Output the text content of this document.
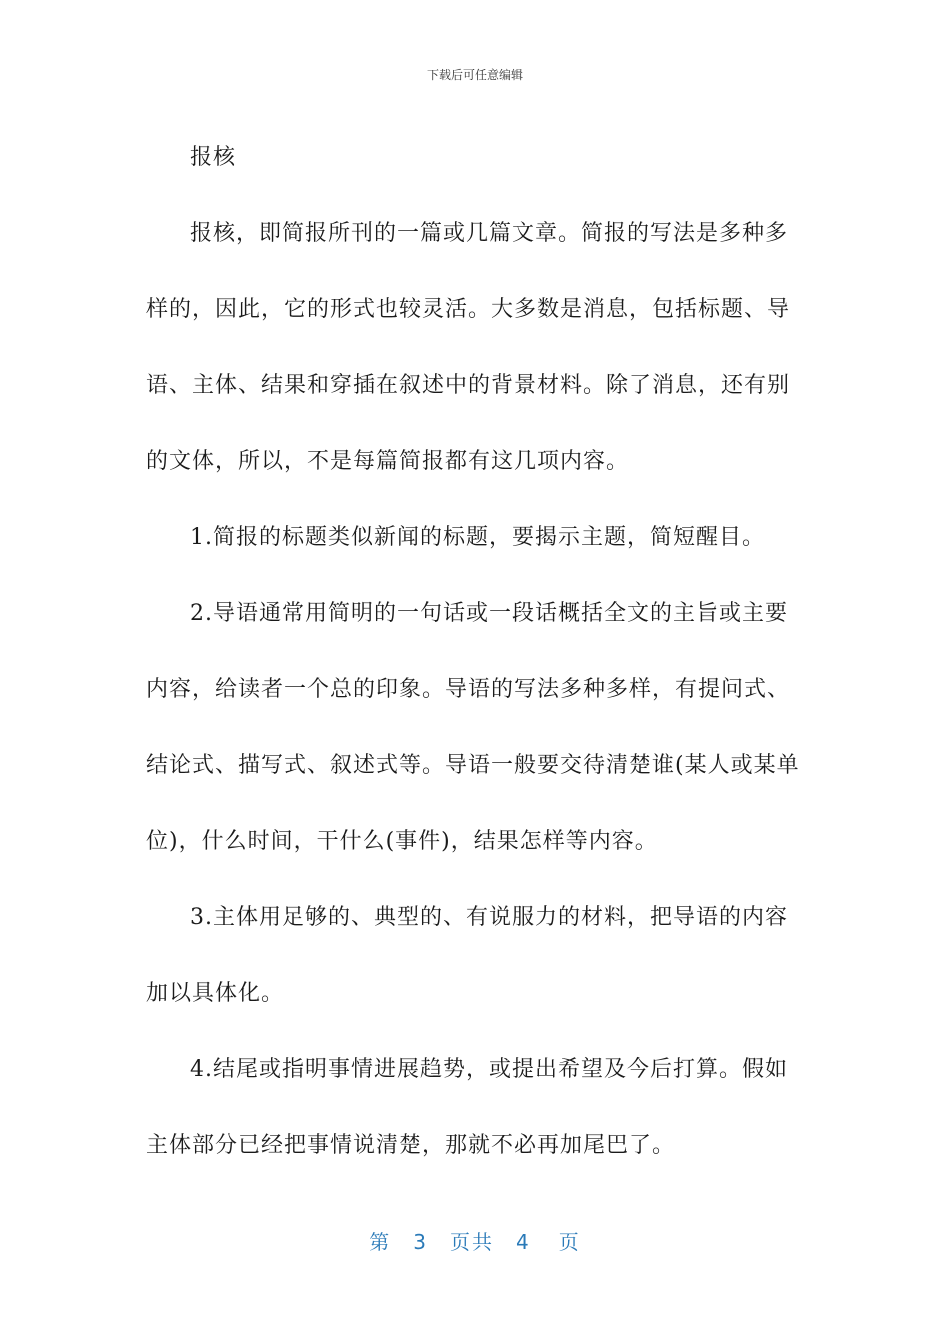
下载后可任意编辑

报核

报核，即简报所刊的一篇或几篇文章。简报的写法是多种多样的，因此，它的形式也较灵活。大多数是消息，包括标题、导语、主体、结果和穿插在叙述中的背景材料。除了消息，还有别的文体，所以，不是每篇简报都有这几项内容。

1.简报的标题类似新闻的标题，要揭示主题，简短醒目。

2.导语通常用简明的一句话或一段话概括全文的主旨或主要内容，给读者一个总的印象。导语的写法多种多样，有提问式、结论式、描写式、叙述式等。导语一般要交待清楚谁(某人或某单位)，什么时间，干什么(事件)，结果怎样等内容。

3.主体用足够的、典型的、有说服力的材料，把导语的内容加以具体化。

4.结尾或指明事情进展趋势，或提出希望及今后打算。假如主体部分已经把事情说清楚，那就不必再加尾巴了。

第 3 页共 4 页
